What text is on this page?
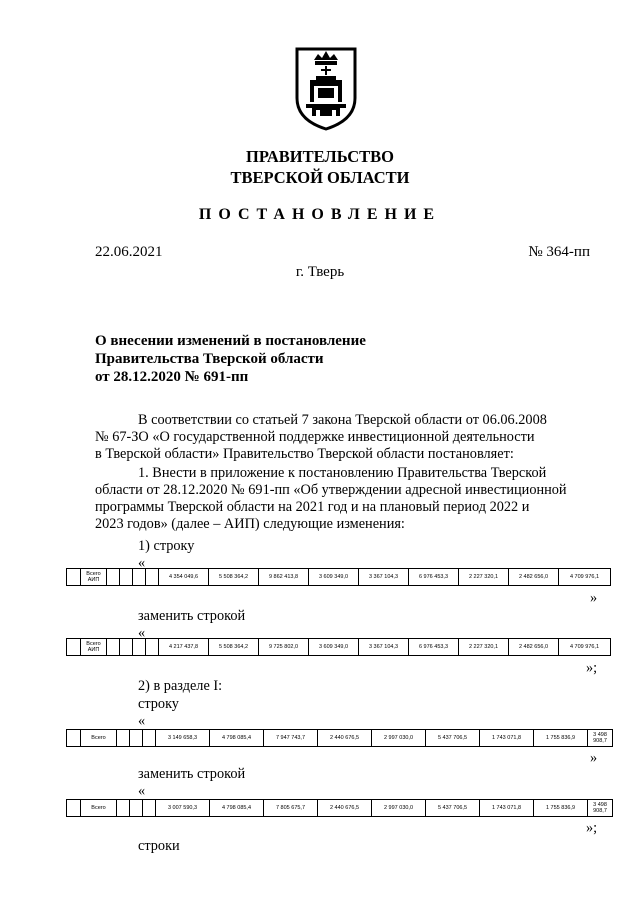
ПРАВИТЕЛЬСТВО
ТВЕРСКОЙ ОБЛАСТИ
ПОСТАНОВЛЕНИЕ
22.06.2021	№ 364-пп
г. Тверь
О внесении изменений в постановление
Правительства Тверской области
от 28.12.2020 № 691-пп
В соответствии со статьей 7 закона Тверской области от 06.06.2008
№ 67-ЗО «О государственной поддержке инвестиционной деятельности
в Тверской области» Правительство Тверской области постановляет:
1. Внести в приложение к постановлению Правительства Тверской
области от 28.12.2020 № 691-пп «Об утверждении адресной инвестиционной
программы Тверской области на 2021 год и на плановый период 2022 и
2023 годов» (далее – АИП) следующие изменения:
1) строку
«
	Всего АИП					4 354 049,6	5 508 364,2	9 862 413,8	3 609 349,0	3 367 104,3	6 976 453,3	2 227 320,1	2 482 656,0	4 709 976,1
»
заменить строкой
«
	Всего АИП					4 217 437,8	5 508 364,2	9 725 802,0	3 609 349,0	3 367 104,3	6 976 453,3	2 227 320,1	2 482 656,0	4 709 976,1
»;
2) в разделе I:
строку
«
	Всего				3 149 658,3	4 798 085,4	7 947 743,7	2 440 676,5	2 997 030,0	5 437 706,5	1 743 071,8	1 755 836,9	3 498 908,7
»
заменить строкой
«
	Всего				3 007 590,3	4 798 085,4	7 805 675,7	2 440 676,5	2 997 030,0	5 437 706,5	1 743 071,8	1 755 836,9	3 498 908,7
»;
строки
